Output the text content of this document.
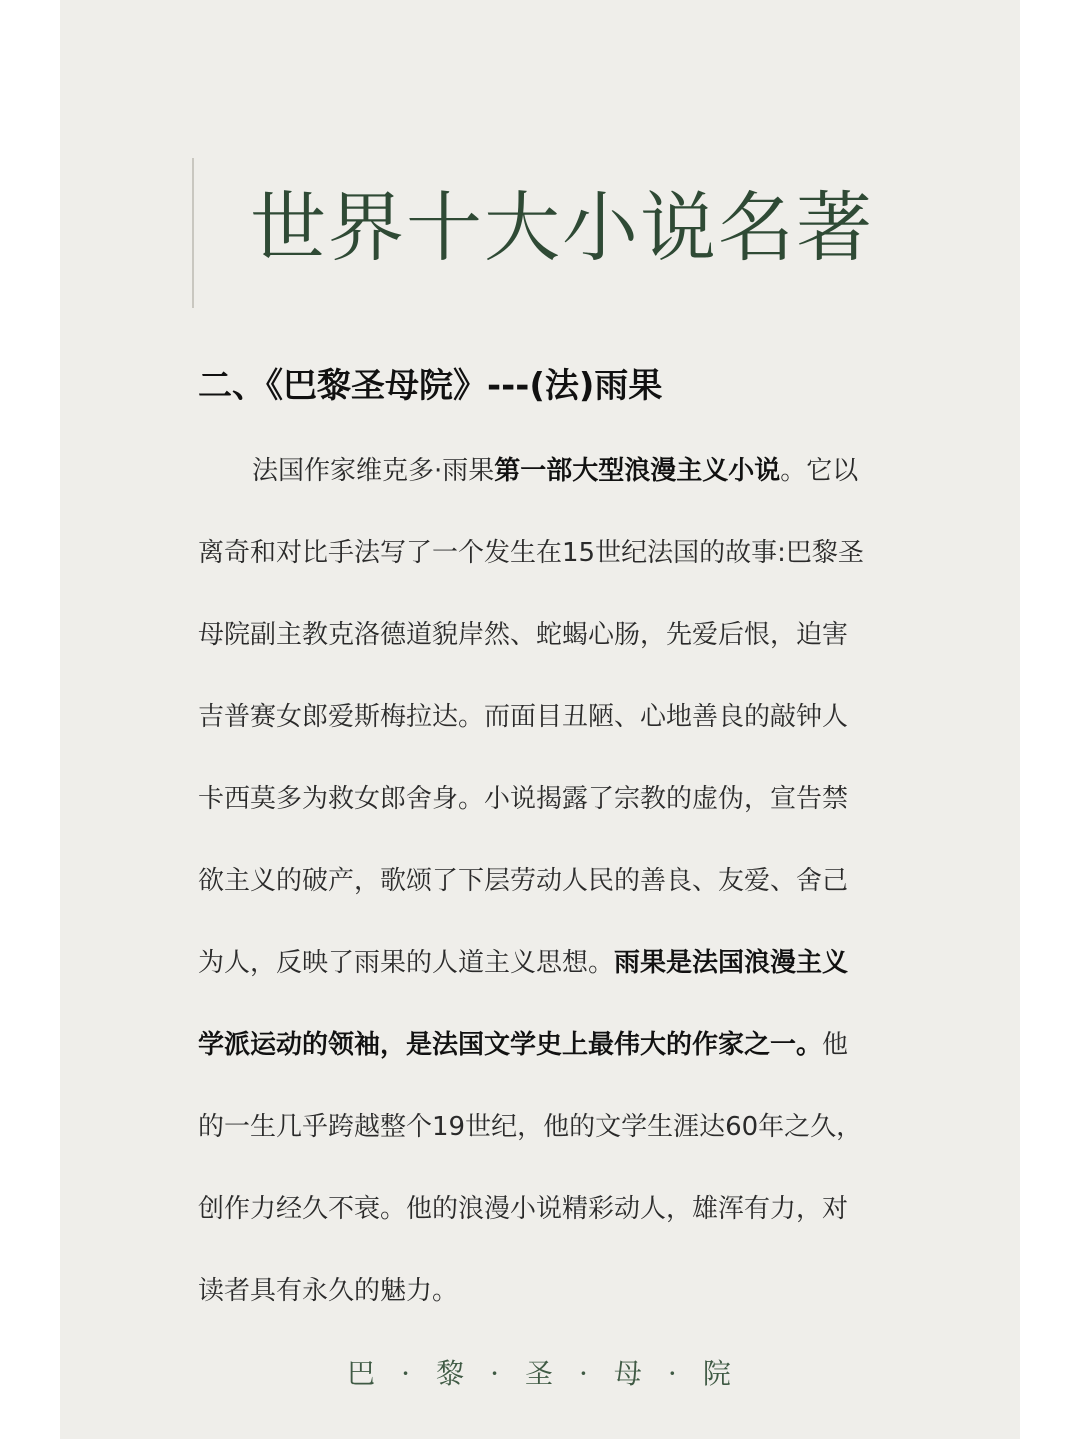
世界十大小说名著
二、《巴黎圣母院》---(法)雨果
法国作家维克多·雨果第一部大型浪漫主义小说。它以
离奇和对比手法写了一个发生在15世纪法国的故事:巴黎圣
母院副主教克洛德道貌岸然、蛇蝎心肠，先爱后恨，迫害
吉普赛女郎爱斯梅拉达。而面目丑陋、心地善良的敲钟人
卡西莫多为救女郎舍身。小说揭露了宗教的虚伪，宣告禁
欲主义的破产，歌颂了下层劳动人民的善良、友爱、舍己
为人，反映了雨果的人道主义思想。雨果是法国浪漫主义
学派运动的领袖，是法国文学史上最伟大的作家之一。他
的一生几乎跨越整个19世纪，他的文学生涯达60年之久，
创作力经久不衰。他的浪漫小说精彩动人，雄浑有力，对
读者具有永久的魅力。
巴 · 黎 · 圣 · 母 · 院
